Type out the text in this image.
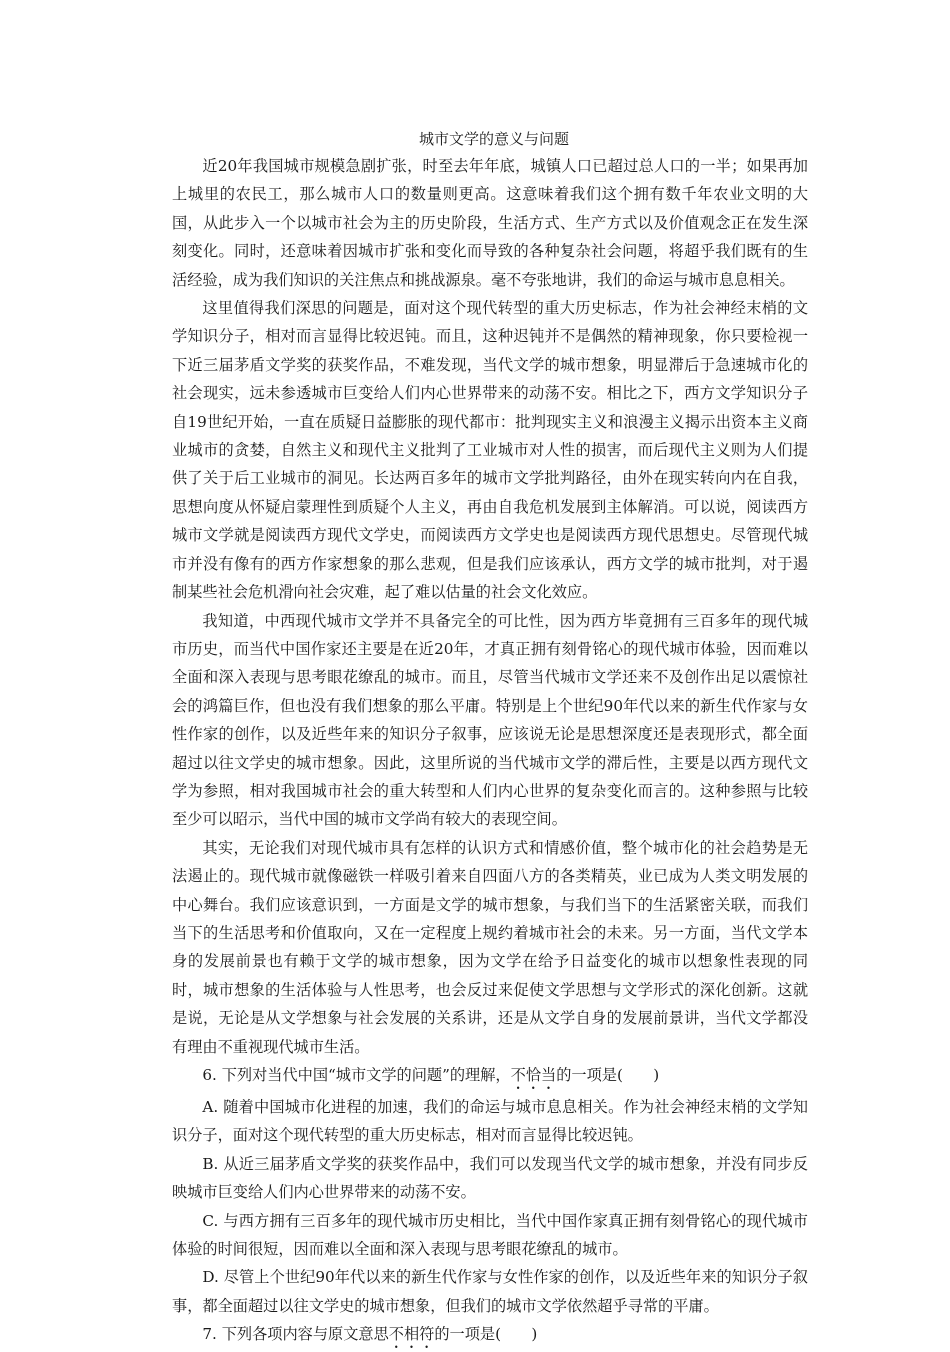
城市文学的意义与问题

近20年我国城市规模急剧扩张，时至去年年底，城镇人口已超过总人口的一半；如果再加上城里的农民工，那么城市人口的数量则更高。这意味着我们这个拥有数千年农业文明的大国，从此步入一个以城市社会为主的历史阶段，生活方式、生产方式以及价值观念正在发生深刻变化。同时，还意味着因城市扩张和变化而导致的各种复杂社会问题，将超乎我们既有的生活经验，成为我们知识的关注焦点和挑战源泉。毫不夸张地讲，我们的命运与城市息息相关。

这里值得我们深思的问题是，面对这个现代转型的重大历史标志，作为社会神经末梢的文学知识分子，相对而言显得比较迟钝。而且，这种迟钝并不是偶然的精神现象，你只要检视一下近三届茅盾文学奖的获奖作品，不难发现，当代文学的城市想象，明显滞后于急速城市化的社会现实，远未参透城市巨变给人们内心世界带来的动荡不安。相比之下，西方文学知识分子自19世纪开始，一直在质疑日益膨胀的现代都市：批判现实主义和浪漫主义揭示出资本主义商业城市的贪婪，自然主义和现代主义批判了工业城市对人性的损害，而后现代主义则为人们提供了关于后工业城市的洞见。长达两百多年的城市文学批判路径，由外在现实转向内在自我，思想向度从怀疑启蒙理性到质疑个人主义，再由自我危机发展到主体解消。可以说，阅读西方城市文学就是阅读西方现代文学史，而阅读西方文学史也是阅读西方现代思想史。尽管现代城市并没有像有的西方作家想象的那么悲观，但是我们应该承认，西方文学的城市批判，对于遏制某些社会危机滑向社会灾难，起了难以估量的社会文化效应。

我知道，中西现代城市文学并不具备完全的可比性，因为西方毕竟拥有三百多年的现代城市历史，而当代中国作家还主要是在近20年，才真正拥有刻骨铭心的现代城市体验，因而难以全面和深入表现与思考眼花缭乱的城市。而且，尽管当代城市文学还来不及创作出足以震惊社会的鸿篇巨作，但也没有我们想象的那么平庸。特别是上个世纪90年代以来的新生代作家与女性作家的创作，以及近些年来的知识分子叙事，应该说无论是思想深度还是表现形式，都全面超过以往文学史的城市想象。因此，这里所说的当代城市文学的滞后性，主要是以西方现代文学为参照，相对我国城市社会的重大转型和人们内心世界的复杂变化而言的。这种参照与比较至少可以昭示，当代中国的城市文学尚有较大的表现空间。

其实，无论我们对现代城市具有怎样的认识方式和情感价值，整个城市化的社会趋势是无法遏止的。现代城市就像磁铁一样吸引着来自四面八方的各类精英，业已成为人类文明发展的中心舞台。我们应该意识到，一方面是文学的城市想象，与我们当下的生活紧密关联，而我们当下的生活思考和价值取向，又在一定程度上规约着城市社会的未来。另一方面，当代文学本身的发展前景也有赖于文学的城市想象，因为文学在给予日益变化的城市以想象性表现的同时，城市想象的生活体验与人性思考，也会反过来促使文学思想与文学形式的深化创新。这就是说，无论是从文学想象与社会发展的关系讲，还是从文学自身的发展前景讲，当代文学都没有理由不重视现代城市生活。

6. 下列对当代中国“城市文学的问题”的理解，不恰当的一项是(　　)

A. 随着中国城市化进程的加速，我们的命运与城市息息相关。作为社会神经末梢的文学知识分子，面对这个现代转型的重大历史标志，相对而言显得比较迟钝。

B. 从近三届茅盾文学奖的获奖作品中，我们可以发现当代文学的城市想象，并没有同步反映城市巨变给人们内心世界带来的动荡不安。

C. 与西方拥有三百多年的现代城市历史相比，当代中国作家真正拥有刻骨铭心的现代城市体验的时间很短，因而难以全面和深入表现与思考眼花缭乱的城市。

D. 尽管上个世纪90年代以来的新生代作家与女性作家的创作，以及近些年来的知识分子叙事，都全面超过以往文学史的城市想象，但我们的城市文学依然超乎寻常的平庸。

7. 下列各项内容与原文意思不相符的一项是(　　)
